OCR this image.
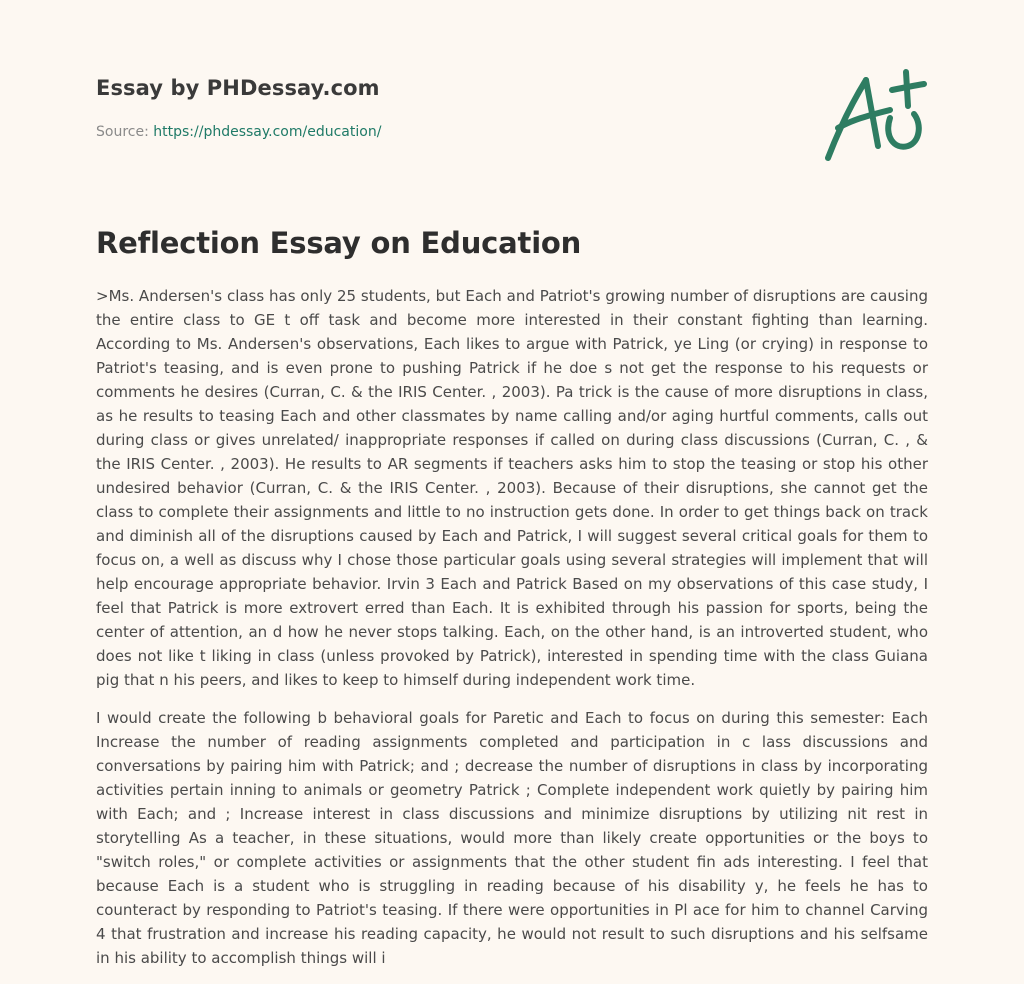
Essay by PHDessay.com
Source: https://phdessay.com/education/
Reflection Essay on Education

>Ms. Andersen's class has only 25 students, but Each and Patriot's growing number of disruptions are causing the entire class to GE t off task and become more interested in their constant fighting than learning. According to Ms. Andersen's observations, Each likes to argue with Patrick, ye Ling (or crying) in response to Patriot's teasing, and is even prone to pushing Patrick if he doe s not get the response to his requests or comments he desires (Curran, C. & the IRIS Center. , 2003). Pa trick is the cause of more disruptions in class, as he results to teasing Each and other classmates by name calling and/or aging hurtful comments, calls out during class or gives unrelated/ inappropriate responses if called on during class discussions (Curran, C. , & the IRIS Center. , 2003). He results to AR segments if teachers asks him to stop the teasing or stop his other undesired behavior (Curran, C. & the IRIS Center. , 2003). Because of their disruptions, she cannot get the class to complete their assignments and little to no instruction gets done. In order to get things back on track and diminish all of the disruptions caused by Each and Patrick, I will suggest several critical goals for them to focus on, a well as discuss why I chose those particular goals using several strategies will implement that will help encourage appropriate behavior. Irvin 3 Each and Patrick Based on my observations of this case study, I feel that Patrick is more extrovert erred than Each. It is exhibited through his passion for sports, being the center of attention, an d how he never stops talking. Each, on the other hand, is an introverted student, who does not like t liking in class (unless provoked by Patrick), interested in spending time with the class Guiana pig that n his peers, and likes to keep to himself during independent work time.

I would create the following b behavioral goals for Paretic and Each to focus on during this semester: Each Increase the number of reading assignments completed and participation in c lass discussions and conversations by pairing him with Patrick; and ; decrease the number of disruptions in class by incorporating activities pertain inning to animals or geometry Patrick ; Complete independent work quietly by pairing him with Each; and ; Increase interest in class discussions and minimize disruptions by utilizing nit rest in storytelling As a teacher, in these situations, would more than likely create opportunities or the boys to "switch roles," or complete activities or assignments that the other student fin ads interesting. I feel that because Each is a student who is struggling in reading because of his disability y, he feels he has to counteract by responding to Patriot's teasing. If there were opportunities in Pl ace for him to channel Carving 4 that frustration and increase his reading capacity, he would not result to such disruptions and his selfsame in his ability to accomplish things will i
